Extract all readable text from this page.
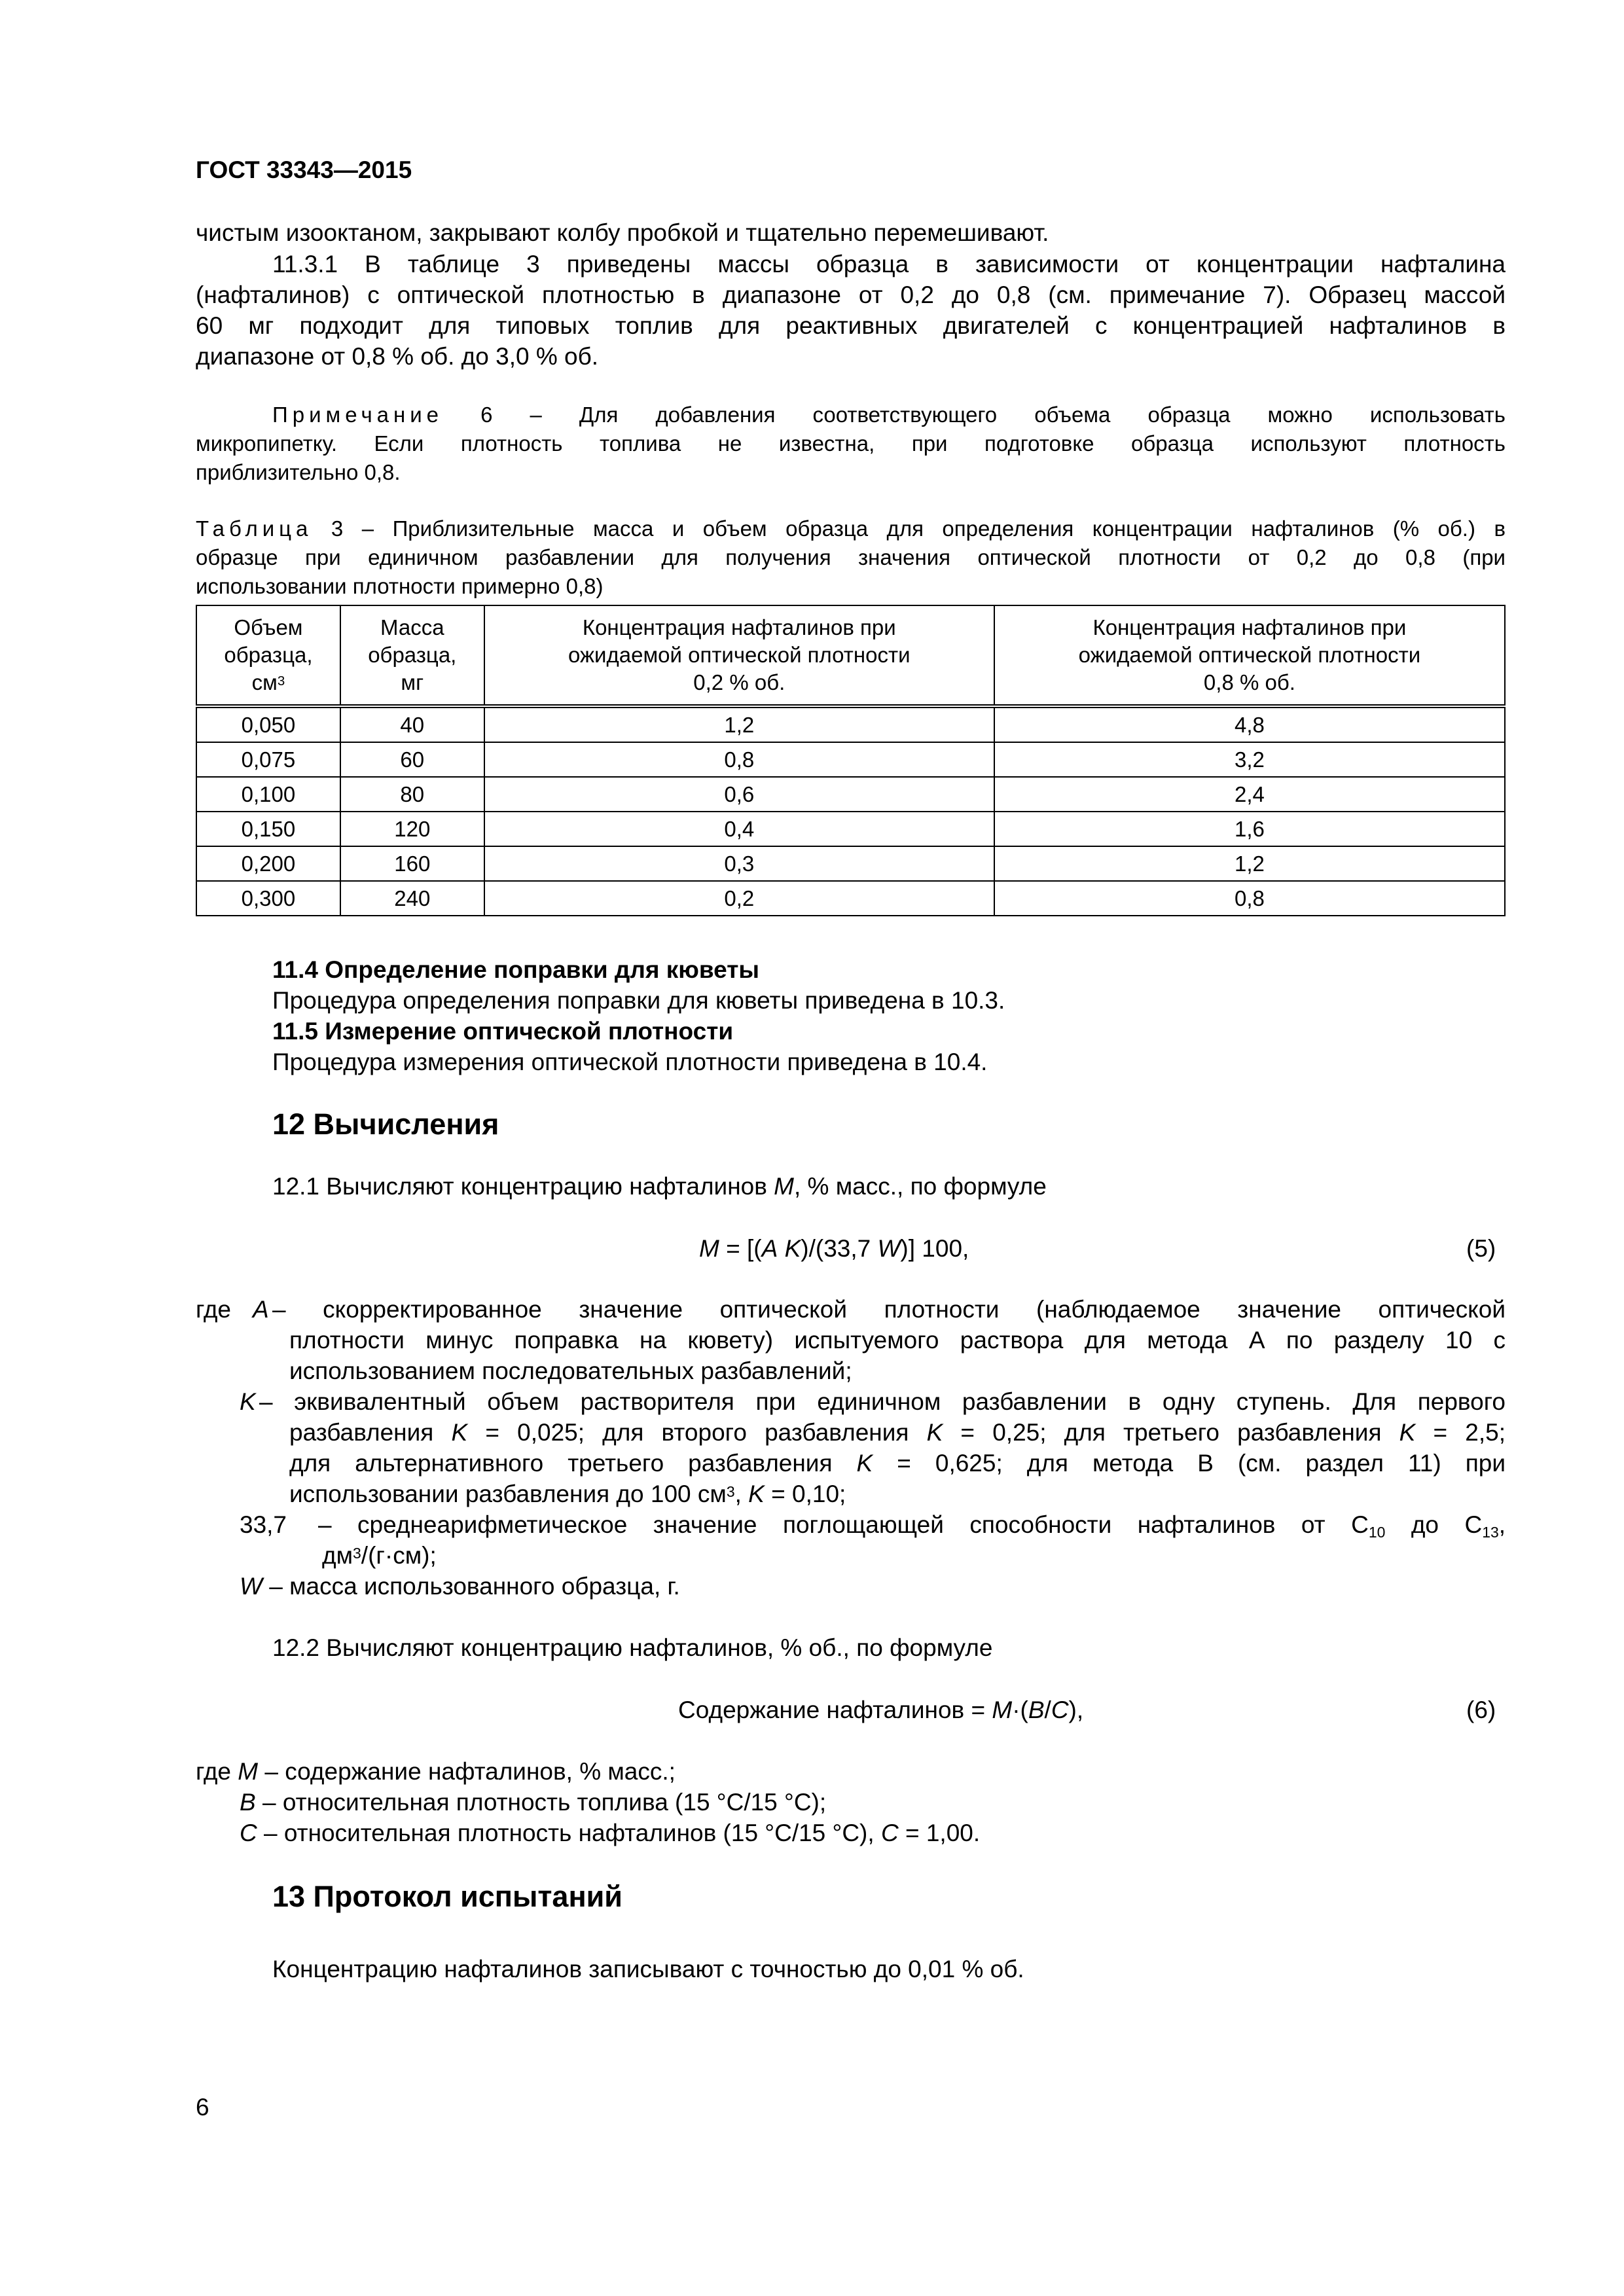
ГОСТ 33343—2015
чистым изооктаном, закрывают колбу пробкой и тщательно перемешивают.
11.3.1 В таблице 3 приведены массы образца в зависимости от концентрации нафталина
(нафталинов) с оптической плотностью в диапазоне от 0,2 до 0,8 (см. примечание 7). Образец массой
60 мг подходит для типовых топлив для реактивных двигателей с концентрацией нафталинов в
диапазоне от 0,8 % об. до 3,0 % об.
Примечание 6 – Для добавления соответствующего объема образца можно использовать
микропипетку. Если плотность топлива не известна, при подготовке образца используют плотность
приблизительно 0,8.
Таблица 3 – Приблизительные масса и объем образца для определения концентрации нафталинов (% об.) в
образце при единичном разбавлении для получения значения оптической плотности от 0,2 до 0,8 (при
использовании плотности примерно 0,8)
Объем
образца,
$см^3$	Масса
образца,
мг	Концентрация нафталинов при
ожидаемой оптической плотности
0,2 % об.	Концентрация нафталинов при
ожидаемой оптической плотности
0,8 % об.
0,050	40	1,2	4,8
0,075	60	0,8	3,2
0,100	80	0,6	2,4
0,150	120	0,4	1,6
0,200	160	0,3	1,2
0,300	240	0,2	0,8
11.4 Определение поправки для кюветы
Процедура определения поправки для кюветы приведена в 10.3.
11.5 Измерение оптической плотности
Процедура измерения оптической плотности приведена в 10.4.
12 Вычисления
12.1 Вычисляют концентрацию нафталинов M, % масс., по формуле
M = [(A K)/(33,7 W)] 100,	(5)
где A – скорректированное значение оптической плотности (наблюдаемое значение оптической
плотности минус поправка на кювету) испытуемого раствора для метода А по разделу 10 с
использованием последовательных разбавлений;
K – эквивалентный объем растворителя при единичном разбавлении в одну ступень. Для первого
разбавления K = 0,025; для второго разбавления K = 0,25; для третьего разбавления K = 2,5;
для альтернативного третьего разбавления K = 0,625; для метода B (см. раздел 11) при
использовании разбавления до 100 $см^3$, K = 0,10;
33,7 – среднеарифметическое значение поглощающей способности нафталинов от $С_{10}$ до $С_{13}$,
$дм^3/(г\cdot см)$;
W – масса использованного образца, г.
12.2 Вычисляют концентрацию нафталинов, % об., по формуле
Содержание нафталинов = M·(B/C),	(6)
где M – содержание нафталинов, % масс.;
B – относительная плотность топлива (15 °C/15 °C);
C – относительная плотность нафталинов (15 °C/15 °C), C = 1,00.
13 Протокол испытаний
Концентрацию нафталинов записывают с точностью до 0,01 % об.
6
